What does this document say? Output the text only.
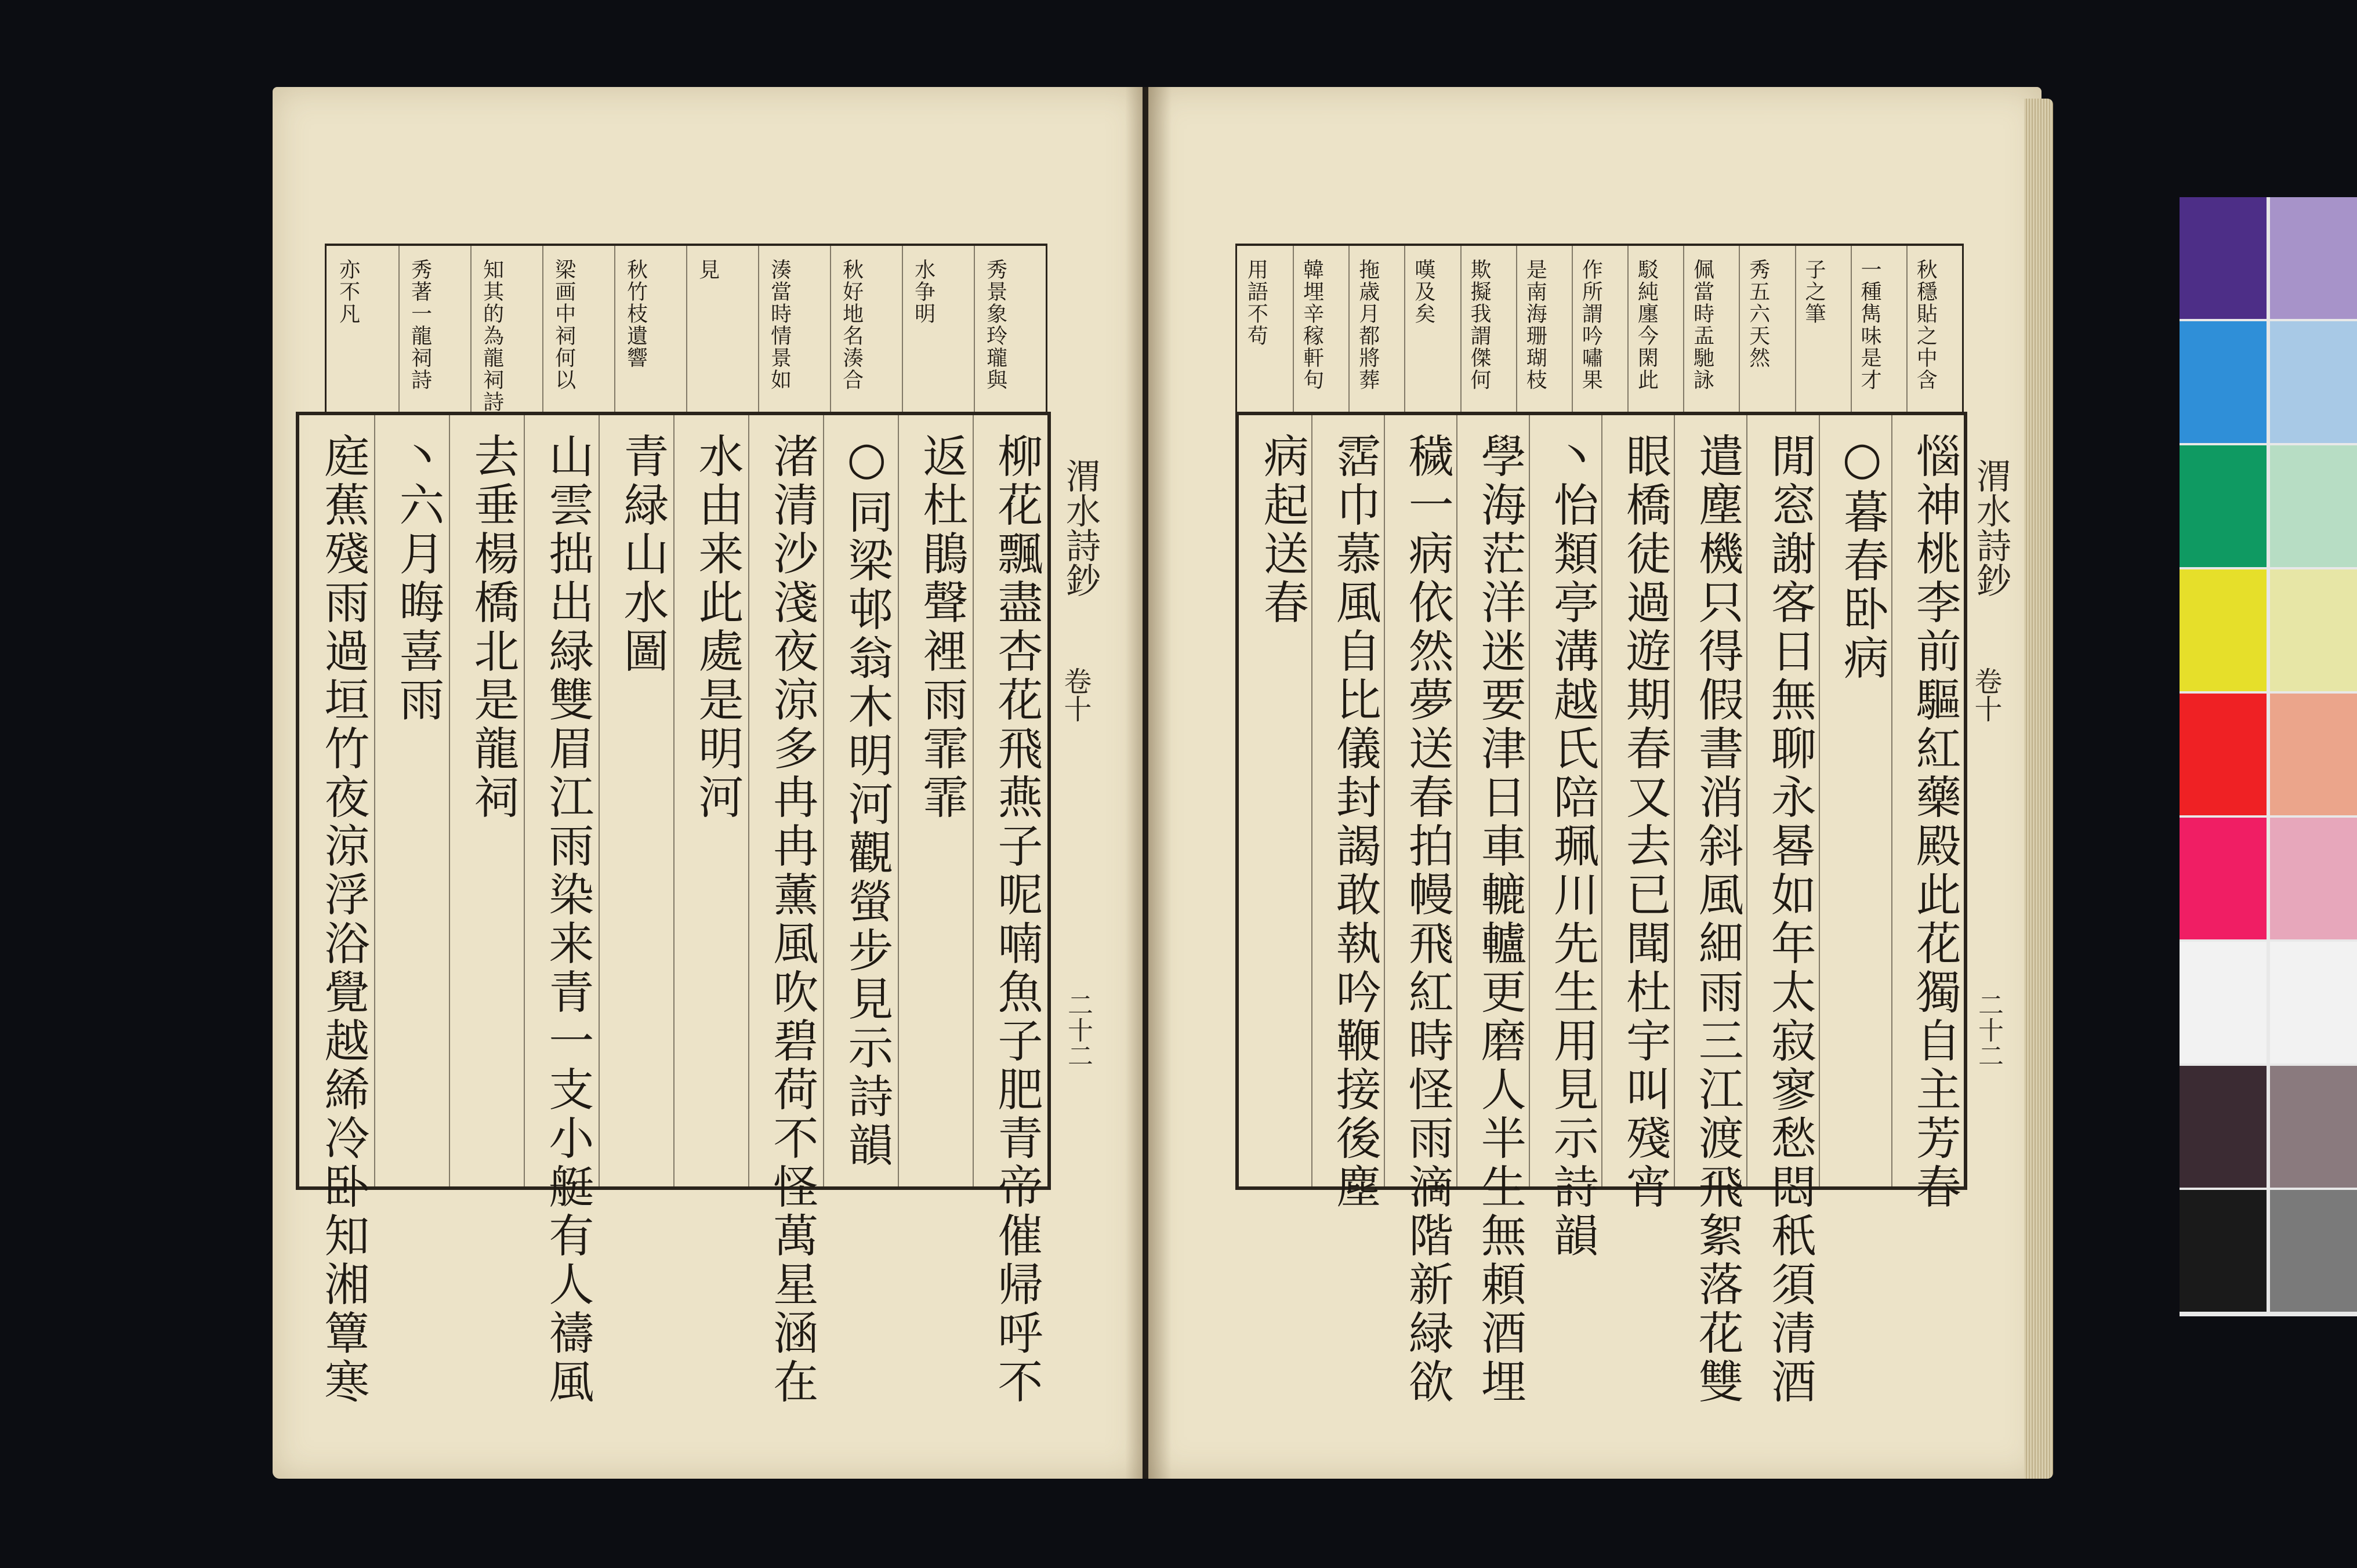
秀景象玲瓏與
水争明
秋好地名湊合
湊當時情景如
見
秋竹枝遺響
梁画中祠何以
知其的為龍祠詩
秀著一龍祠詩
亦不凡
柳花飄盡杏花飛燕子呢喃魚子肥青帝催帰呼不
返杜鵑聲裡雨霏霏
○同梁邨翁木明河觀螢步見示詩韻
渚清沙淺夜涼多冉冉薰風吹碧荷不怪萬星涵在
水由来此處是明河
青緑山水圖
山雲拙出緑雙眉江雨染来青一支小艇有人禱風
去垂楊橋北是龍祠
丶六月晦喜雨
庭蕉殘雨過垣竹夜涼浮浴覺越絺冷卧知湘簟寒	渭水詩鈔
卷十
二十二
秋穩貼之中含
一種雋味是才
子之筆
秀五六天然
佩當時盂馳詠
駁純廛今閑此
作所謂吟嘯果
是南海珊瑚枝
欺擬我謂傑何
嘆及矣
拖歳月都將葬
韓埋辛稼軒句
用語不苟
惱神桃李前驅紅藥殿此花獨自主芳春
○暮春卧病
閒窓謝客日無聊永晷如年太寂寥愁悶秖須清酒
遣塵機只得假書消斜風細雨三江渡飛絮落花雙
眼橋徒過遊期春又去已聞杜宇叫殘宵
丶怡類亭溝越氏陪珮川先生用見示詩韻
學海茫洋迷要津日車轆轤更磨人半生無頼酒埋
穢一病依然夢送春拍幔飛紅時怪雨滴階新緑欲
霑巾慕風自比儀封謁敢執吟鞭接後塵
病起送春	渭水詩鈔
卷十
二十二
